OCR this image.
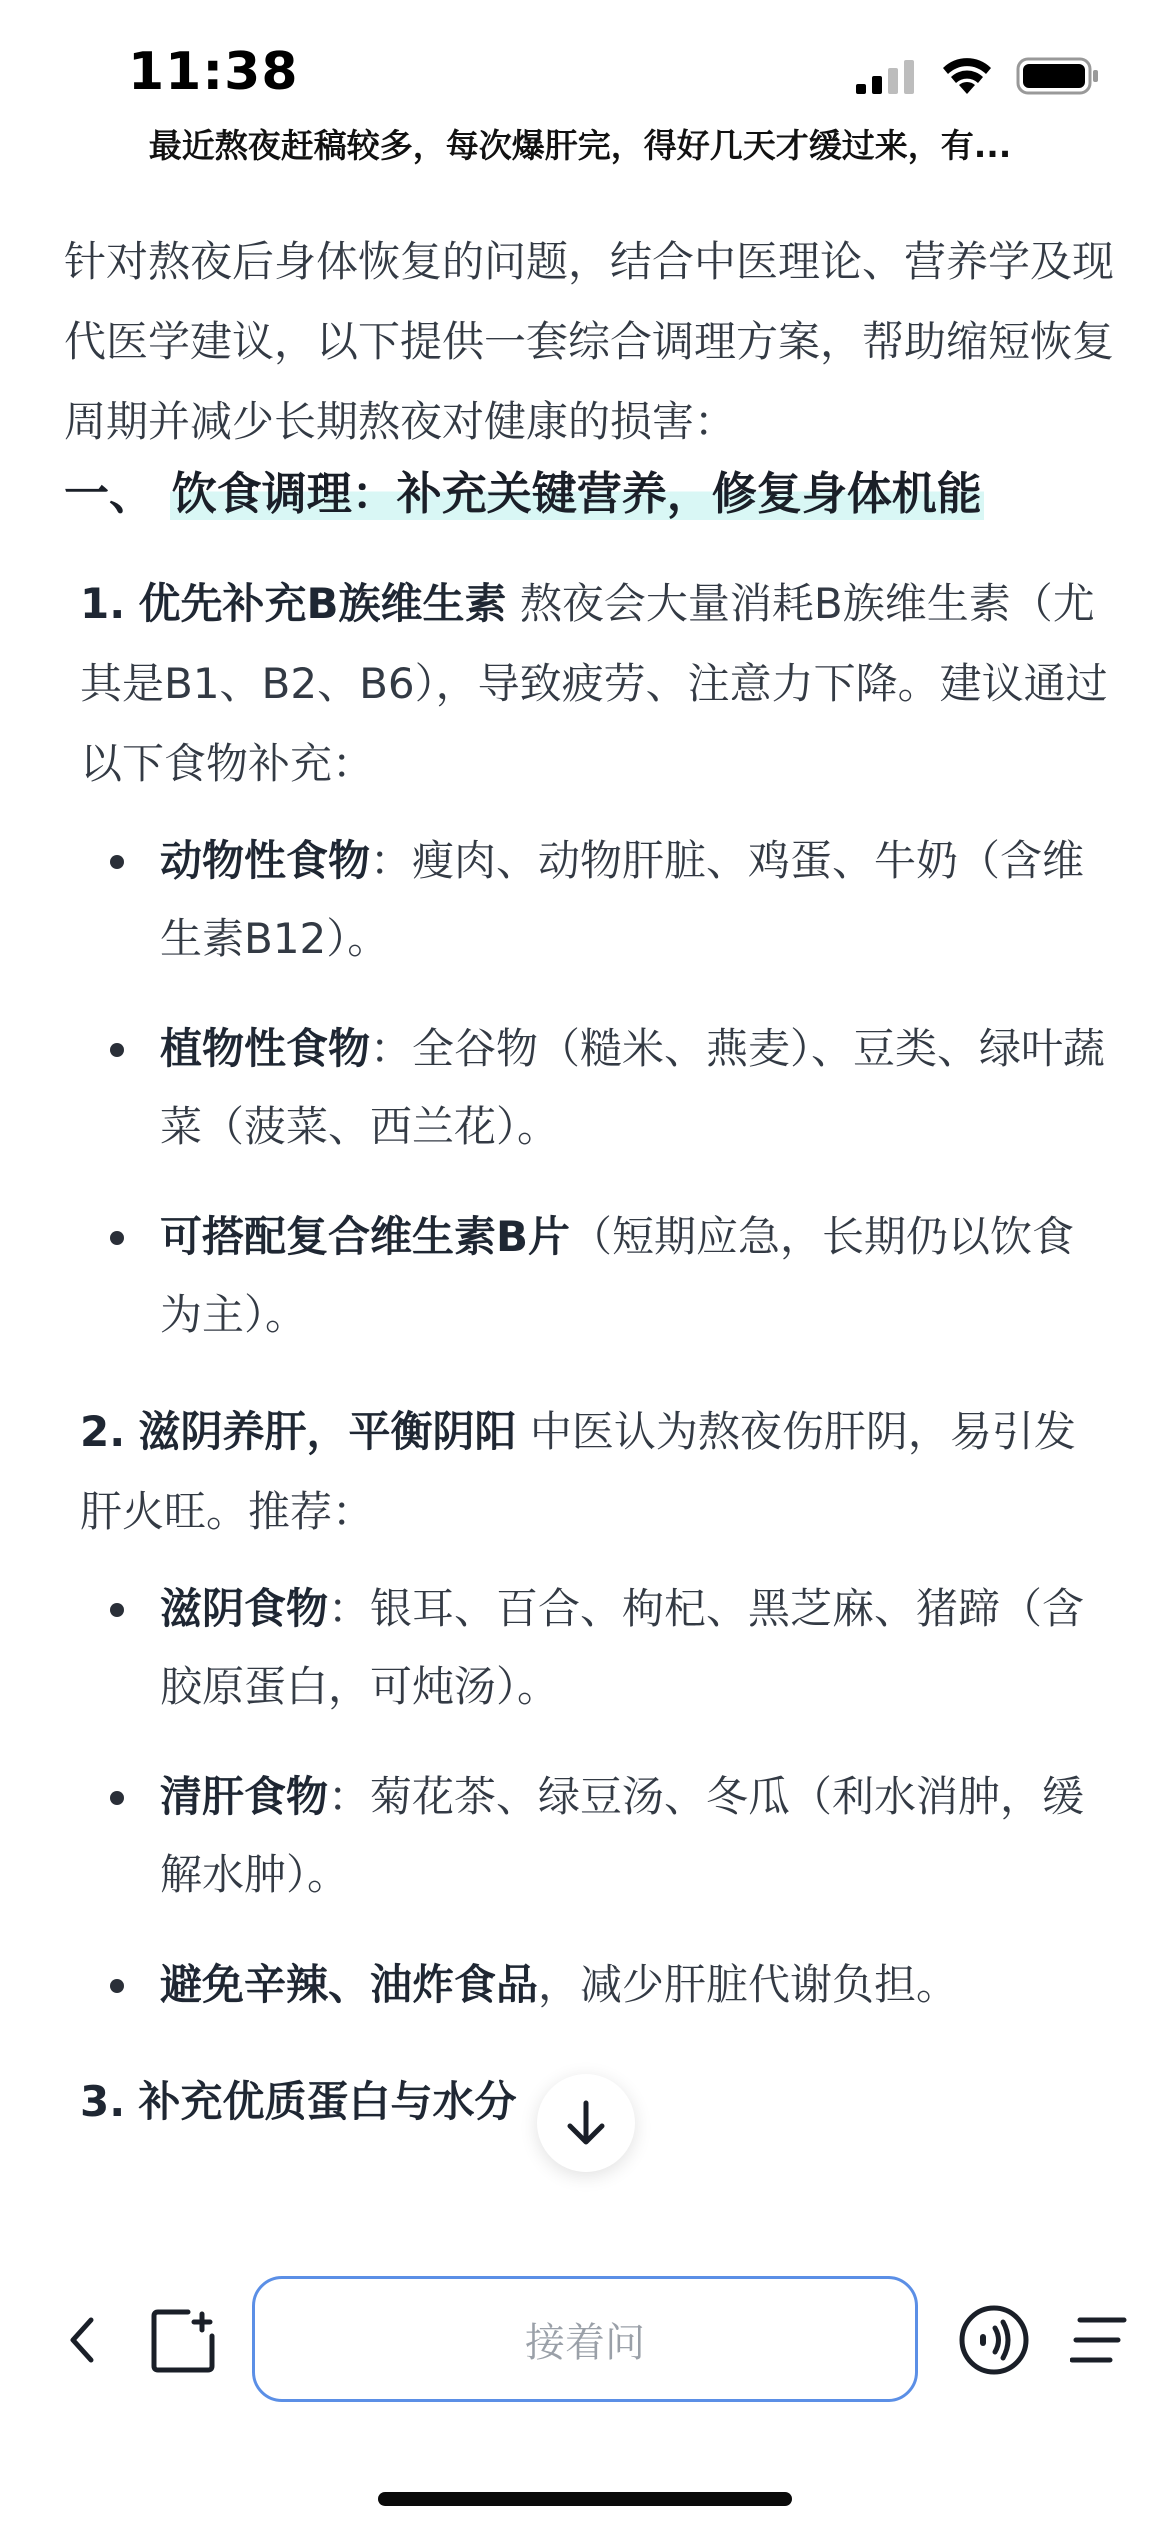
11:38
最近熬夜赶稿较多，每次爆肝完，得好几天才缓过来，有...

针对熬夜后身体恢复的问题，结合中医理论、营养学及现代医学建议，以下提供一套综合调理方案，帮助缩短恢复周期并减少长期熬夜对健康的损害：

一、 饮食调理：补充关键营养，修复身体机能
1. 优先补充B族维生素 熬夜会大量消耗B族维生素（尤其是B1、B2、B6），导致疲劳、注意力下降。建议通过以下食物补充：
动物性食物：瘦肉、动物肝脏、鸡蛋、牛奶（含维生素B12）。
植物性食物：全谷物（糙米、燕麦）、豆类、绿叶蔬菜（菠菜、西兰花）。
可搭配复合维生素B片（短期应急，长期仍以饮食为主）。
2. 滋阴养肝，平衡阴阳 中医认为熬夜伤肝阴，易引发肝火旺。推荐：
滋阴食物：银耳、百合、枸杞、黑芝麻、猪蹄（含胶原蛋白，可炖汤）。
清肝食物：菊花茶、绿豆汤、冬瓜（利水消肿，缓解水肿）。
避免辛辣、油炸食品，减少肝脏代谢负担。
3. 补充优质蛋白与水分
接着问
